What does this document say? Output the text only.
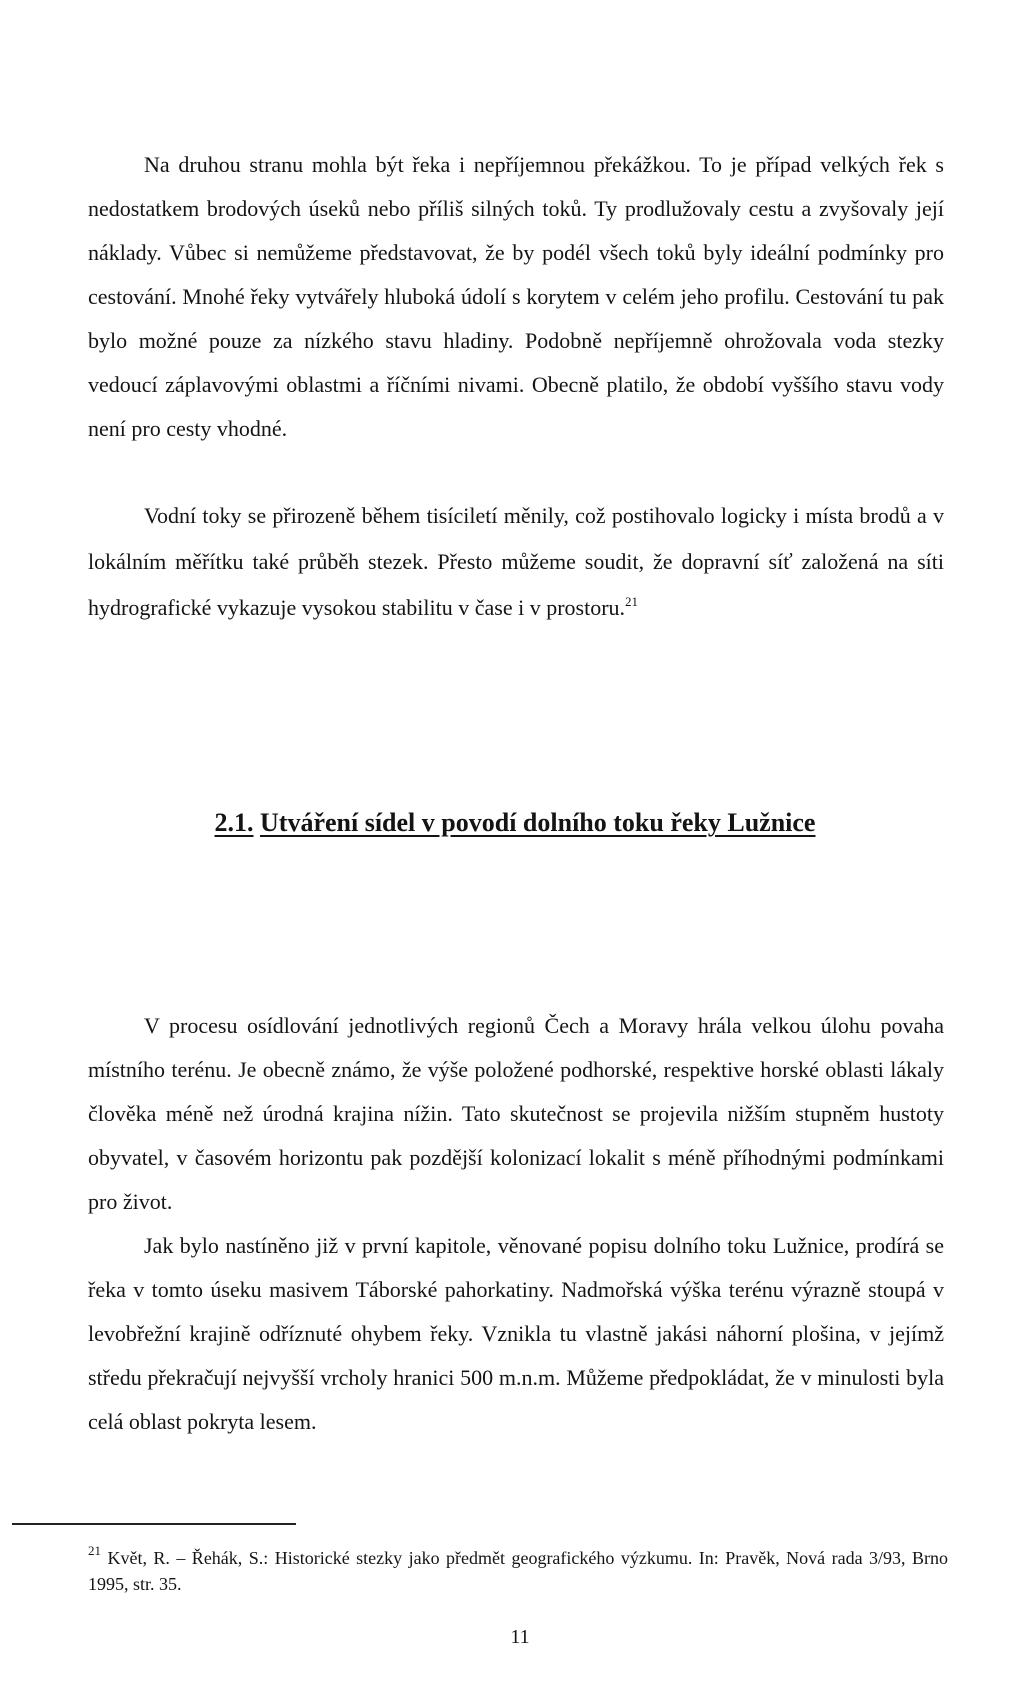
Na druhou stranu mohla být řeka i nepříjemnou překážkou. To je případ velkých řek s nedostatkem brodových úseků nebo příliš silných toků. Ty prodlužovaly cestu a zvyšovaly její náklady. Vůbec si nemůžeme představovat, že by podél všech toků byly ideální podmínky pro cestování. Mnohé řeky vytvářely hluboká údolí s korytem v celém jeho profilu. Cestování tu pak bylo možné pouze za nízkého stavu hladiny. Podobně nepříjemně ohrožovala voda stezky vedoucí záplavovými oblastmi a říčními nivami. Obecně platilo, že období vyššího stavu vody není pro cesty vhodné.

Vodní toky se přirozeně během tisíciletí měnily, což postihovalo logicky i místa brodů a v lokálním měřítku také průběh stezek. Přesto můžeme soudit, že dopravní síť založená na síti hydrografické vykazuje vysokou stabilitu v čase i v prostoru.$^{21}$

2.1. Utváření sídel v povodí dolního toku řeky Lužnice

V procesu osídlování jednotlivých regionů Čech a Moravy hrála velkou úlohu povaha místního terénu. Je obecně známo, že výše položené podhorské, respektive horské oblasti lákaly člověka méně než úrodná krajina nížin. Tato skutečnost se projevila nižším stupněm hustoty obyvatel, v časovém horizontu pak pozdější kolonizací lokalit s méně příhodnými podmínkami pro život.

Jak bylo nastíněno již v první kapitole, věnované popisu dolního toku Lužnice, prodírá se řeka v tomto úseku masivem Táborské pahorkatiny. Nadmořská výška terénu výrazně stoupá v levobřežní krajině odříznuté ohybem řeky. Vznikla tu vlastně jakási náhorní plošina, v jejímž středu překračují nejvyšší vrcholy hranici 500 m.n.m. Můžeme předpokládat, že v minulosti byla celá oblast pokryta lesem.

$^{21}$ Květ, R. – Řehák, S.: Historické stezky jako předmět geografického výzkumu. In: Pravěk, Nová rada 3/93, Brno 1995, str. 35.

11
